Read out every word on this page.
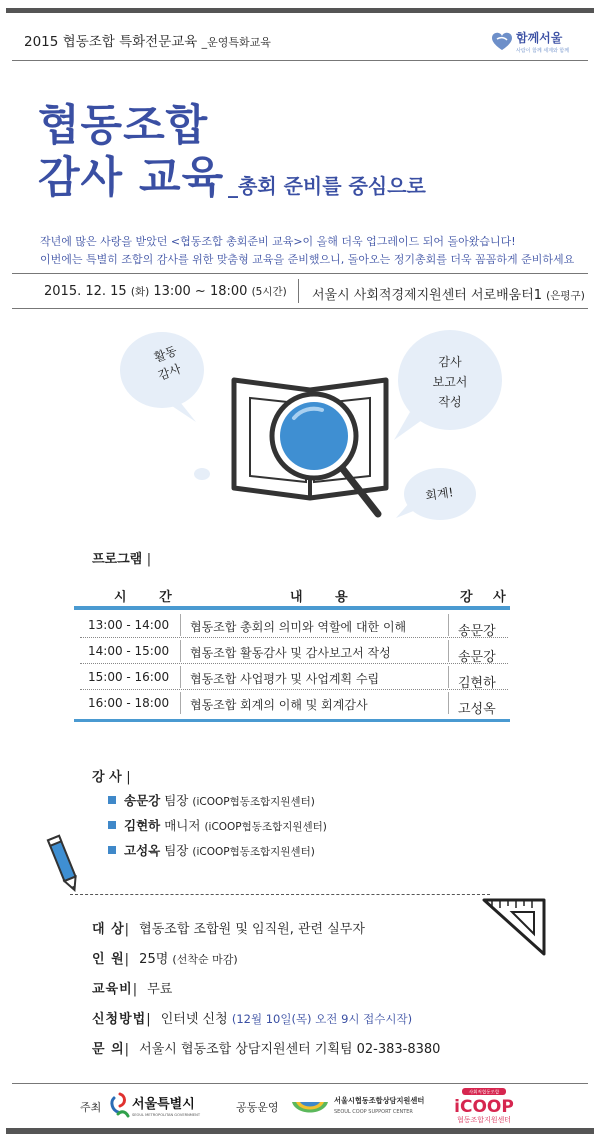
2015 협동조합 특화전문교육 _운영특화교육	함께서울
사람이 함께 세계와 함께
협동조합
감사 교육 _총회 준비를 중심으로
작년에 많은 사랑을 받았던 <협동조합 총회준비 교육>이 올해 더욱 업그레이드 되어 돌아왔습니다!
이번에는 특별히 조합의 감사를 위한 맞춤형 교육을 준비했으니, 돌아오는 정기총회를 더욱 꼼꼼하게 준비하세요
2015. 12. 15 (화) 13:00 ~ 18:00 (5시간) 서울시 사회적경제지원센터 서로배움터1 (은평구)
활동
감사	감사
보고서
작성
회계!
프로그램 |
시 간	내 용	강 사
13:00 - 14:00 협동조합 총회의 의미와 역할에 대한 이해	송문강
14:00 - 15:00 협동조합 활동감사 및 감사보고서 작성	송문강
15:00 - 16:00 협동조합 사업평가 및 사업계획 수립	김현하
16:00 - 18:00 협동조합 회계의 이해 및 회계감사	고성옥
강 사 |
송문강 팀장 (iCOOP협동조합지원센터)
김현하 매니저 (iCOOP협동조합지원센터)
고성옥 팀장 (iCOOP협동조합지원센터)
대 상| 협동조합 조합원 및 임직원, 관련 실무자
인 원| 25명 (선착순 마감)
교육비| 무료
신청방법| 인터넷 신청 (12월 10일(목) 오전 9시 접수시작)
문 의| 서울시 협동조합 상담지원센터 기획팀 02-383-8380
주최 서울특별시
SEOUL METROPOLITAN GOVERNMENT
공동운영
서울시협동조합상담지원센터
SEOUL COOP SUPPORT CENTER
사회적협동조합
iCOOP
협동조합지원센터
